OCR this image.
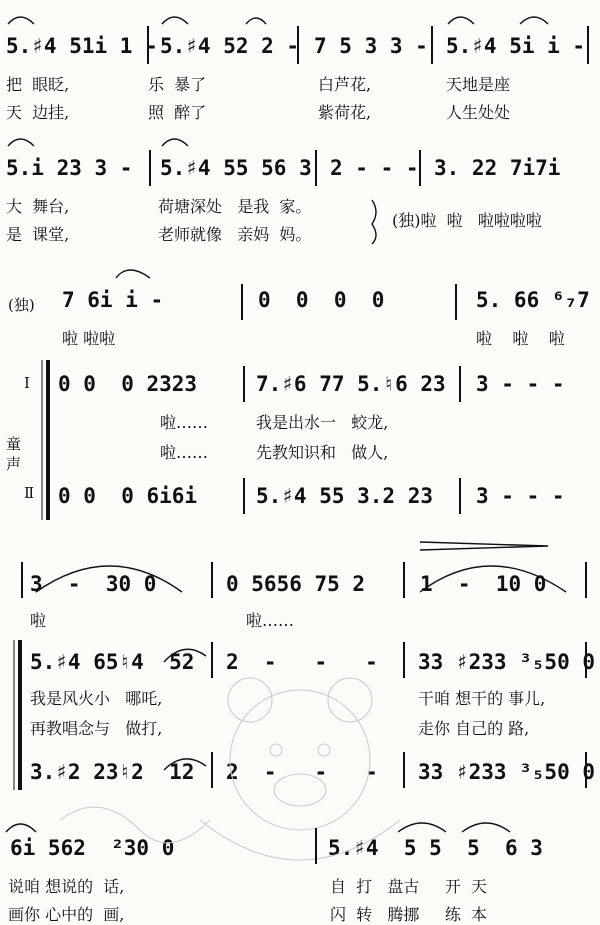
5.♯4 51i 1 - 5.♯4 52 2 - 7 5 3 3 - 5.♯4 5i i -
把  眼眨,	乐  暴了	白芦花,	天地是座
天  边挂,	照  醉了	紫荷花,	人生处处
5.i 23 3 - 5.♯4 55 56 3 2 - - - 3. 22 7i7i
大  舞台,	荷塘深处   是我  家。
(独)啦  啦   啦啦啦啦
是  课堂,	老师就像   亲妈  妈。
(独) 7 6i i -	0  0  0  0	5. 66 ⁶₇7
啦 啦啦	啦    啦    啦
Ⅰ
童声
Ⅱ
0 0  0 2323	7.♯6 77 5.♮6 23 3 - - -
啦……	我是出水一   蛟龙,
啦……	先教知识和   做人,
0 0  0 6i6i	5.♯4 55 3.2 23 3 - - -
3  -  30 0	0 5656 75 2	1  -  10 0
啦	啦……
5.♯4 65♮4  52 2  -   -   - 33 ♯233 ³₅50 0
我是风火小   哪吒,	干咱 想干的 事儿,
再教唱念与   做打,	走你 自己的 路,
3.♯2 23♮2  12 2  -   -   - 33 ♯233 ³₅50 0
6i 562  ²30 0	5.♯4  5 5  5  6 3
说咱 想说的  话,	自  打   盘古     开  天
画你 心中的  画,	闪  转   腾挪     练  本
